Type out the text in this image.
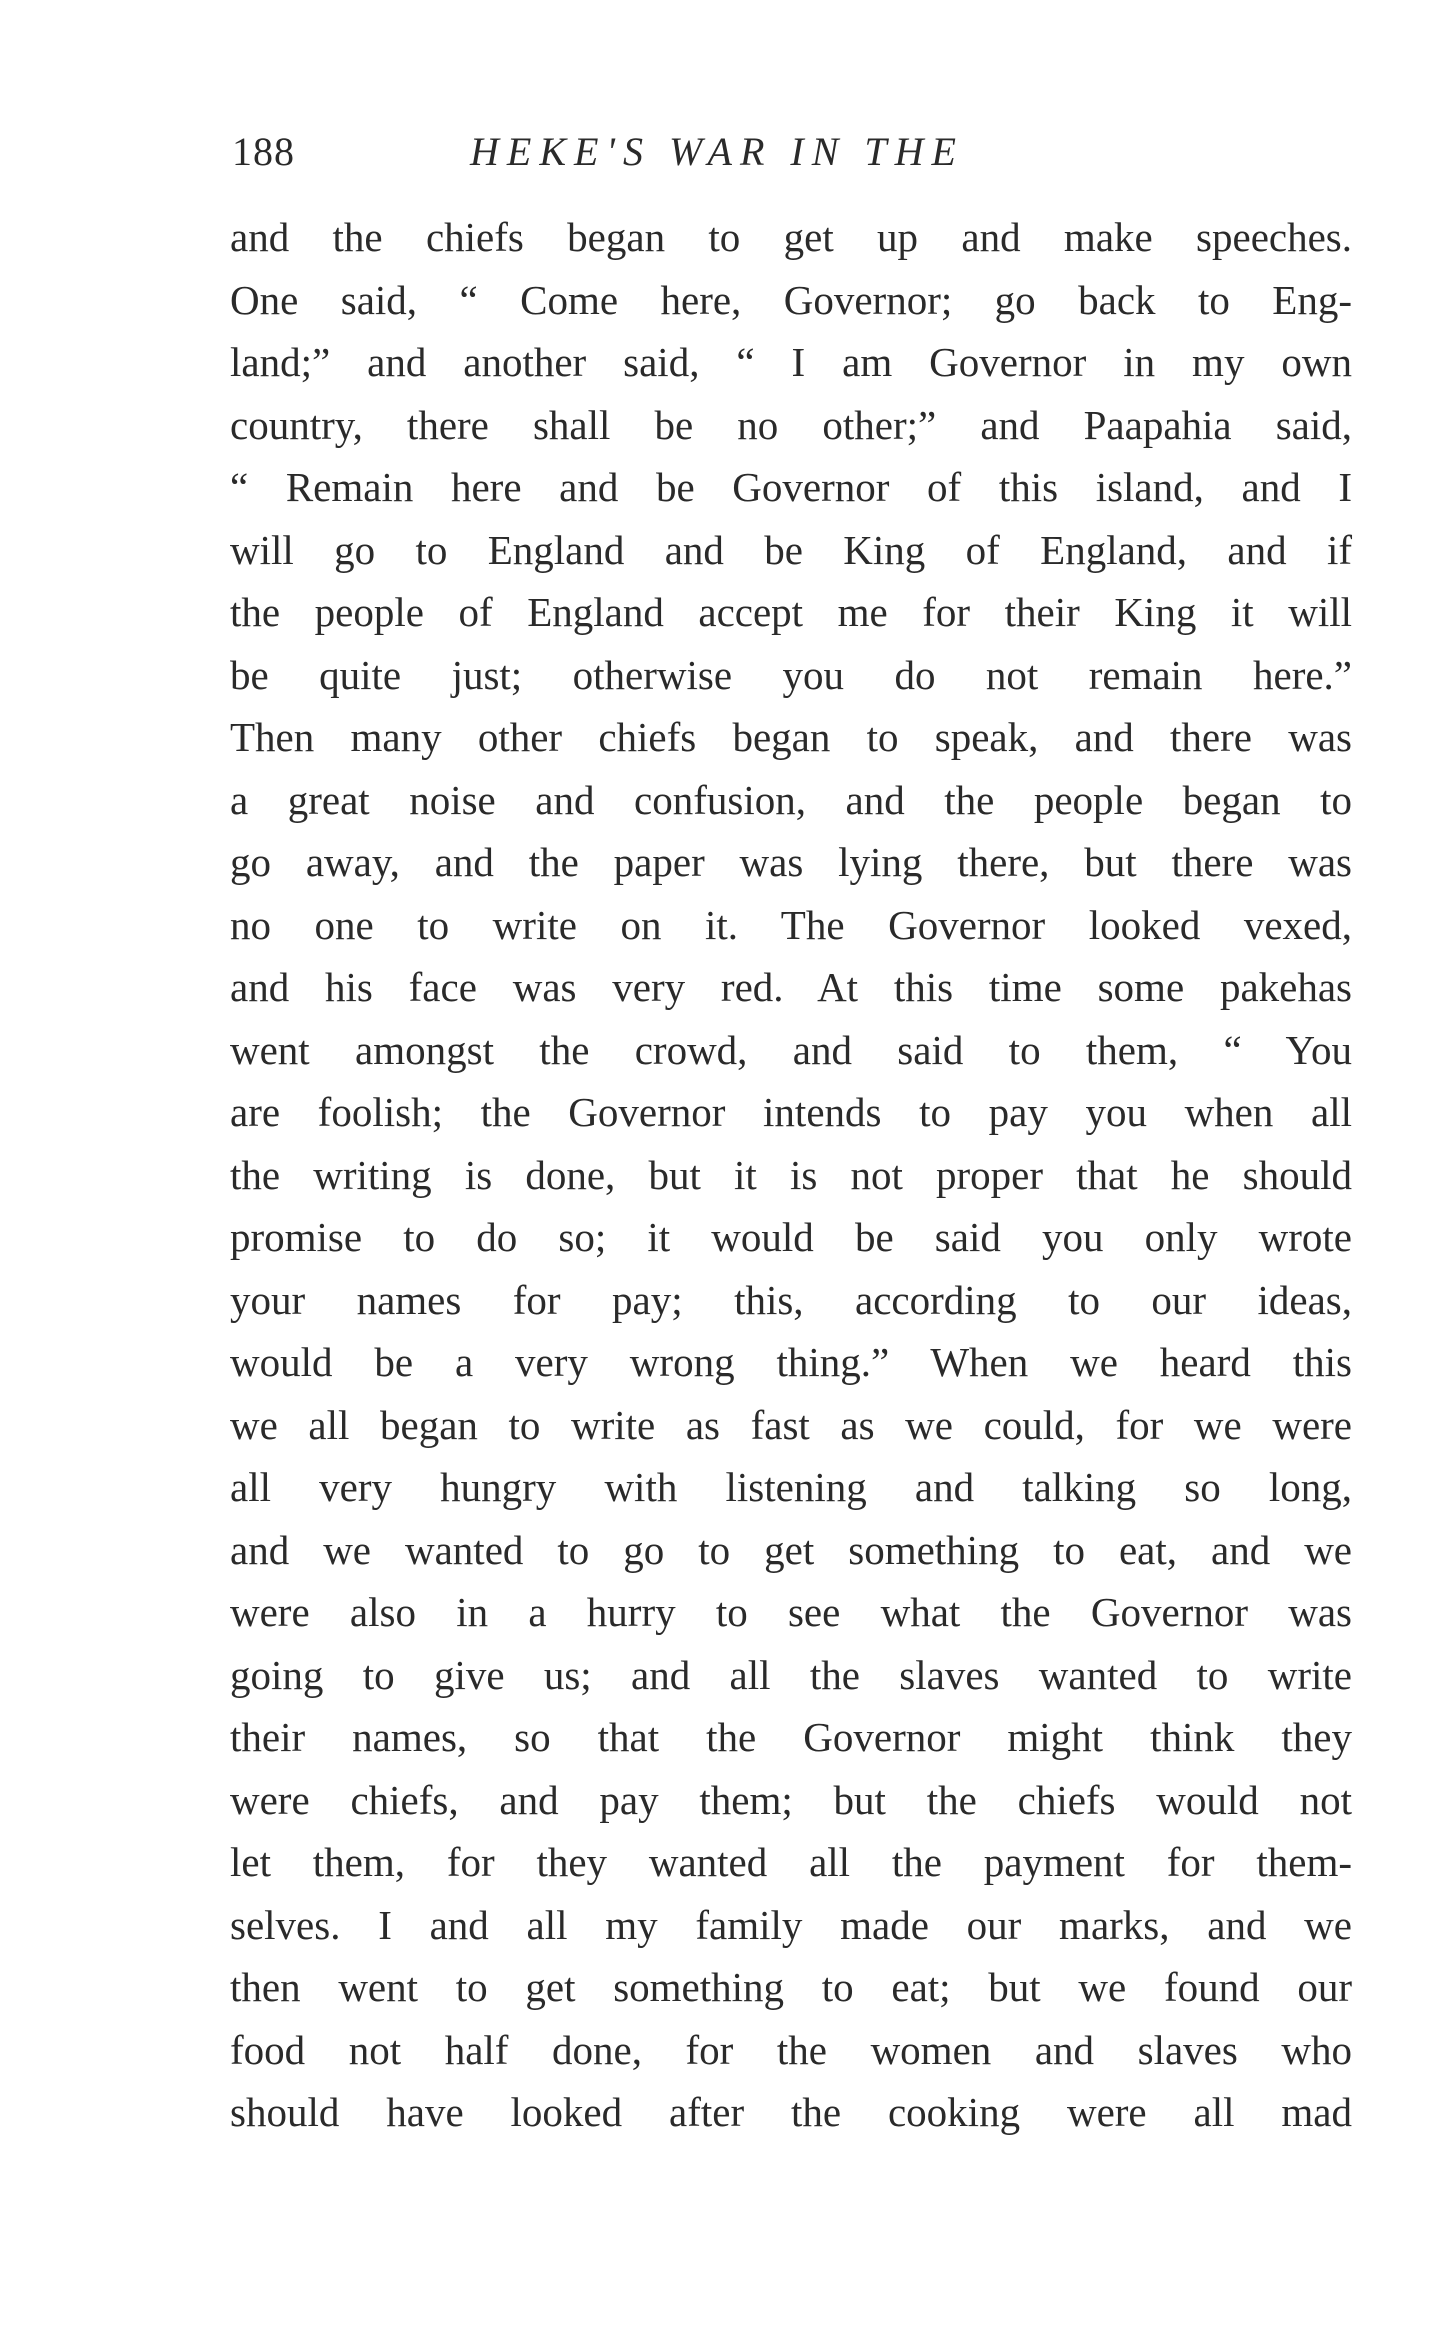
188	HEKE'S WAR IN THE
and the chiefs began to get up and make speeches.
One said, “ Come here, Governor; go back to Eng-
land;” and another said, “ I am Governor in my own
country, there shall be no other;” and Paapahia said,
“ Remain here and be Governor of this island, and I
will go to England and be King of England, and if
the people of England accept me for their King it will
be quite just; otherwise you do not remain here.”
Then many other chiefs began to speak, and there was
a great noise and confusion, and the people began to
go away, and the paper was lying there, but there was
no one to write on it. The Governor looked vexed,
and his face was very red. At this time some pakehas
went amongst the crowd, and said to them, “ You
are foolish; the Governor intends to pay you when all
the writing is done, but it is not proper that he should
promise to do so; it would be said you only wrote
your names for pay; this, according to our ideas,
would be a very wrong thing.” When we heard this
we all began to write as fast as we could, for we were
all very hungry with listening and talking so long,
and we wanted to go to get something to eat, and we
were also in a hurry to see what the Governor was
going to give us; and all the slaves wanted to write
their names, so that the Governor might think they
were chiefs, and pay them; but the chiefs would not
let them, for they wanted all the payment for them-
selves. I and all my family made our marks, and we
then went to get something to eat; but we found our
food not half done, for the women and slaves who
should have looked after the cooking were all mad
